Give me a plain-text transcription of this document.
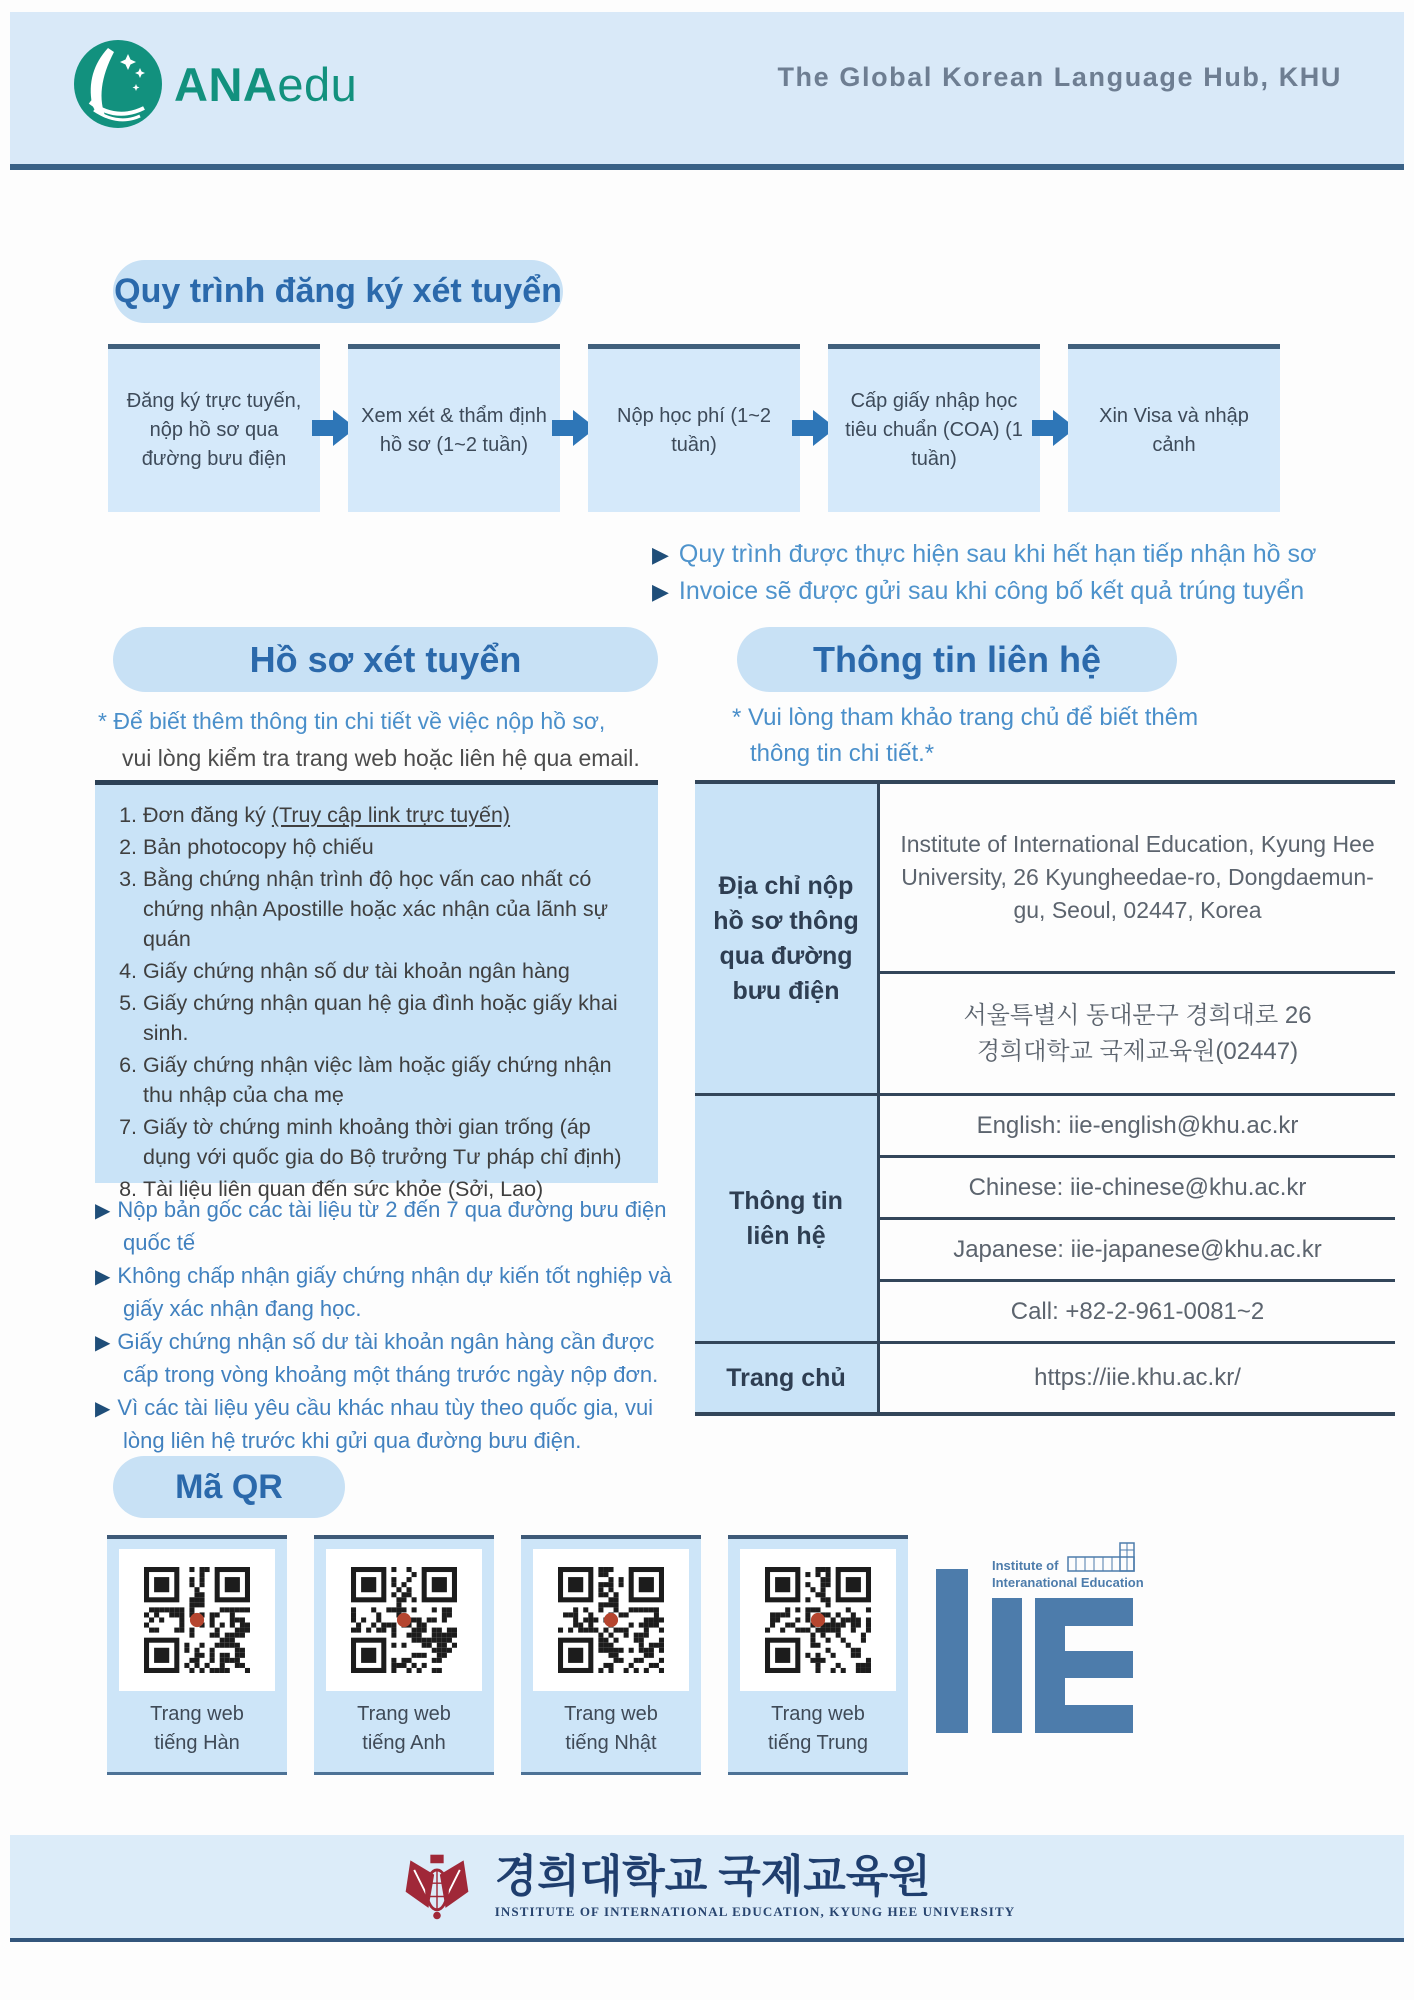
ANAedu	The Global Korean Language Hub, KHU
Quy trình đăng ký xét tuyển
Đăng ký trực tuyến, nộp hồ sơ qua đường bưu điện
Xem xét & thẩm định hồ sơ (1~2 tuần)
Nộp học phí (1~2 tuần)
Cấp giấy nhập học tiêu chuẩn (COA) (1 tuần)
Xin Visa và nhập cảnh
▶ Quy trình được thực hiện sau khi hết hạn tiếp nhận hồ sơ
▶ Invoice sẽ được gửi sau khi công bố kết quả trúng tuyển
Hồ sơ xét tuyển
* Để biết thêm thông tin chi tiết về việc nộp hồ sơ,
vui lòng kiểm tra trang web hoặc liên hệ qua email.
1. Đơn đăng ký (Truy cập link trực tuyến)
2. Bản photocopy hộ chiếu
3. Bằng chứng nhận trình độ học vấn cao nhất có chứng nhận Apostille hoặc xác nhận của lãnh sự quán
4. Giấy chứng nhận số dư tài khoản ngân hàng
5. Giấy chứng nhận quan hệ gia đình hoặc giấy khai sinh.
6. Giấy chứng nhận việc làm hoặc giấy chứng nhận thu nhập của cha mẹ
7. Giấy tờ chứng minh khoảng thời gian trống (áp dụng với quốc gia do Bộ trưởng Tư pháp chỉ định)
8. Tài liệu liên quan đến sức khỏe (Sởi, Lao)
▶ Nộp bản gốc các tài liệu từ 2 đến 7 qua đường bưu điện quốc tế
▶ Không chấp nhận giấy chứng nhận dự kiến tốt nghiệp và giấy xác nhận đang học.
▶ Giấy chứng nhận số dư tài khoản ngân hàng cần được cấp trong vòng khoảng một tháng trước ngày nộp đơn.
▶ Vì các tài liệu yêu cầu khác nhau tùy theo quốc gia, vui lòng liên hệ trước khi gửi qua đường bưu điện.
Thông tin liên hệ
* Vui lòng tham khảo trang chủ để biết thêm
thông tin chi tiết.*
Địa chỉ nộp hồ sơ thông qua đường bưu điện
Thông tin liên hệ
Trang chủ
Institute of International Education, Kyung Hee University, 26 Kyungheedae-ro, Dongdaemun-gu, Seoul, 02447, Korea
서울특별시 동대문구 경희대로 26
경희대학교 국제교육원(02447)
English: iie-english@khu.ac.kr
Chinese: iie-chinese@khu.ac.kr
Japanese: iie-japanese@khu.ac.kr
Call: +82-2-961-0081~2
https://iie.khu.ac.kr/
Mã QR
Trang web
tiếng Hàn
Trang web
tiếng Anh
Trang web
tiếng Nhật
Trang web
tiếng Trung
Institute of
Interanational Education
경희대학교 국제교육원
INSTITUTE OF INTERNATIONAL EDUCATION, KYUNG HEE UNIVERSITY
